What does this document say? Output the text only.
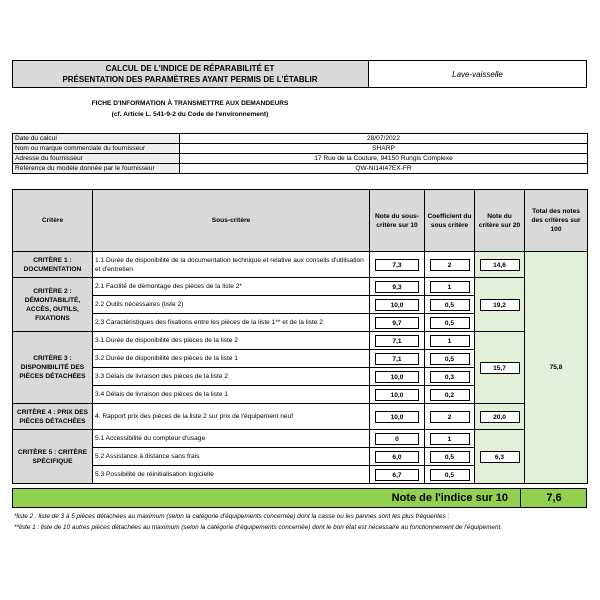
CALCUL DE L'INDICE DE RÉPARABILITÉ ET
PRÉSENTATION DES PARAMÈTRES AYANT PERMIS DE L'ÉTABLIR
Lave-vaisselle
FICHE D'INFORMATION À TRANSMETTRE AUX DEMANDEURS
(cf. Article L. 541-9-2 du Code de l'environnement)
Date du calcul	28/07/2022
Nom ou marque commerciale du fournisseur	SHARP
Adresse du fournisseur	17 Rue de la Couture, 94150 Rungis Complexe
Référence du modèle donnée par le fournisseur	QW-NI14I47EX-FR
Critère	Sous-critère	Note du sous-critère sur 10	Coefficient du sous critère	Note du critère sur 20	Total des notes des critères sur 100
CRITÈRE 1 : DOCUMENTATION	1.1 Durée de disponibilité de la documentation technique et relative aux conseils d'utilisation et d'entretien	7,3	2	14,6	75,8
CRITÈRE 2 : DÉMONTABILITÉ, ACCÈS, OUTILS, FIXATIONS	2.1 Facilité de démontage des pièces de la liste 2*	9,3	1	19,2	
	2.2 Outils nécessaires (liste 2)	10,0	0,5		
	2.3 Caractéristiques des fixations entre les pièces de la liste 1** et de la liste 2	9,7	0,5		
CRITÈRE 3 : DISPONIBILITÉ DES PIÈCES DÉTACHÉES	3.1 Durée de disponibilité des pièces de la liste 2	7,1	1	15,7	
	3.2 Durée de disponibilité des pièces de la liste 1	7,1	0,5		
	3.3 Délais de livraison des pièces de la liste 2	10,0	0,3		
	3.4 Délais de livraison des pièces de la liste 1	10,0	0,2		
CRITÈRE 4 : PRIX DES PIÈCES DÉTACHÉES	4. Rapport prix des pièces de la liste 2 sur prix de l'équipement neuf	10,0	2	20,0	
CRITÈRE 5 : CRITÈRE SPÉCIFIQUE	5.1 Accessibilité du compteur d'usage	0	1	6,3	
	5.2 Assistance à distance sans frais	6,0	0,5		
	5.3 Possibilité de réinitialisation logicielle	6,7	0,5		
Note de l'indice sur 10	7,6
*liste 2 : liste de 3 à 5 pièces détachées au maximum (selon la catégorie d'équipements concernée) dont la casse ou les pannes sont les plus fréquentes ;
**liste 1 : liste de 10 autres pièces détachées au maximum (selon la catégorie d'équipements concernée) dont le bon état est nécessaire au fonctionnement de l'équipement.
